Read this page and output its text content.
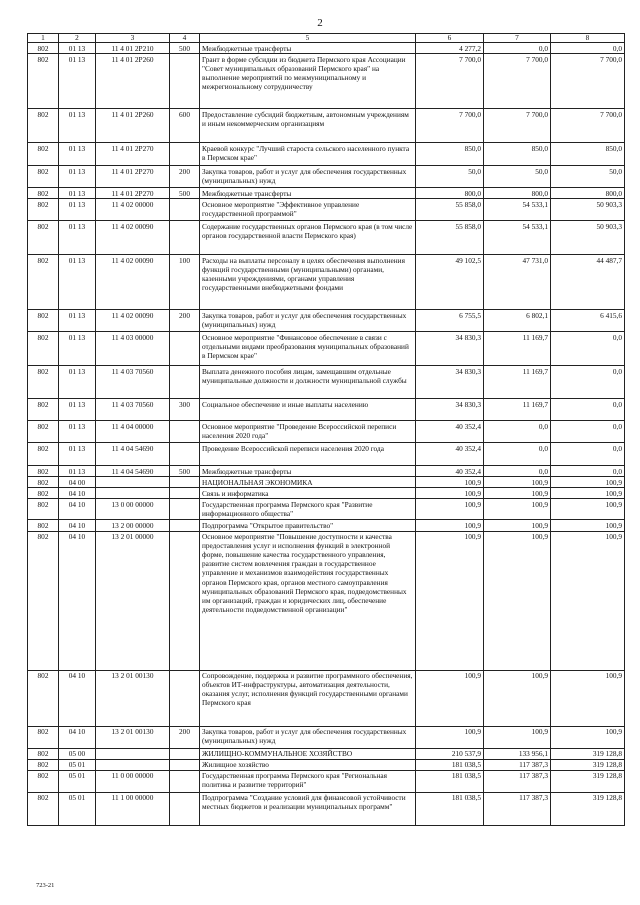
2
1	2	3	4	5	6	7	8
802	01 13	11 4 01 2P210	500	Межбюджетные трансферты	4 277,2	0,0	0,0
802	01 13	11 4 01 2P260		Грант в форме субсидии из бюджета Пермского края Ассоциации "Совет муниципальных образований Пермского края" на выполнение мероприятий по межмуниципальному и межрегиональному сотрудничеству	7 700,0	7 700,0	7 700,0
802	01 13	11 4 01 2P260	600	Предоставление субсидий бюджетным, автономным учреждениям и иным некоммерческим организациям	7 700,0	7 700,0	7 700,0
802	01 13	11 4 01 2P270		Краевой конкурс "Лучший староста сельского населенного пункта в Пермском крае"	850,0	850,0	850,0
802	01 13	11 4 01 2P270	200	Закупка товаров, работ и услуг для обеспечения государственных (муниципальных) нужд	50,0	50,0	50,0
802	01 13	11 4 01 2P270	500	Межбюджетные трансферты	800,0	800,0	800,0
802	01 13	11 4 02 00000		Основное мероприятие "Эффективное управление государственной программой"	55 858,0	54 533,1	50 903,3
802	01 13	11 4 02 00090		Содержание государственных органов Пермского края (в том числе органов государственной власти Пермского края)	55 858,0	54 533,1	50 903,3
802	01 13	11 4 02 00090	100	Расходы на выплаты персоналу в целях обеспечения выполнения функций государственными (муниципальными) органами, казенными учреждениями, органами управления государственными внебюджетными фондами	49 102,5	47 731,0	44 487,7
802	01 13	11 4 02 00090	200	Закупка товаров, работ и услуг для обеспечения государственных (муниципальных) нужд	6 755,5	6 802,1	6 415,6
802	01 13	11 4 03 00000		Основное мероприятие "Финансовое обеспечение в связи с отдельными видами преобразования муниципальных образований в Пермском крае"	34 830,3	11 169,7	0,0
802	01 13	11 4 03 70560		Выплата денежного пособия лицам, замещавшим отдельные муниципальные должности и должности муниципальной службы	34 830,3	11 169,7	0,0
802	01 13	11 4 03 70560	300	Социальное обеспечение и иные выплаты населению	34 830,3	11 169,7	0,0
802	01 13	11 4 04 00000		Основное мероприятие "Проведение Всероссийской переписи населения 2020 года"	40 352,4	0,0	0,0
802	01 13	11 4 04 54690		Проведение Всероссийской переписи населения 2020 года	40 352,4	0,0	0,0
802	01 13	11 4 04 54690	500	Межбюджетные трансферты	40 352,4	0,0	0,0
802	04 00			НАЦИОНАЛЬНАЯ ЭКОНОМИКА	100,9	100,9	100,9
802	04 10			Связь и информатика	100,9	100,9	100,9
802	04 10	13 0 00 00000		Государственная программа Пермского края "Развитие информационного общества"	100,9	100,9	100,9
802	04 10	13 2 00 00000		Подпрограмма "Открытое правительство"	100,9	100,9	100,9
802	04 10	13 2 01 00000		Основное мероприятие "Повышение доступности и качества предоставления услуг и исполнения функций в электронной форме, повышение качества государственного управления, развитие систем вовлечения граждан в государственное управление и механизмов взаимодействия государственных органов Пермского края, органов местного самоуправления муниципальных образований Пермского края, подведомственных им организаций, граждан и юридических лиц, обеспечение деятельности подведомственной организации"	100,9	100,9	100,9
802	04 10	13 2 01 00130		Сопровождение, поддержка и развитие программного обеспечения, объектов ИТ-инфраструктуры, автоматизация деятельности, оказания услуг, исполнения функций государственными органами Пермского края	100,9	100,9	100,9
802	04 10	13 2 01 00130	200	Закупка товаров, работ и услуг для обеспечения государственных (муниципальных) нужд	100,9	100,9	100,9
802	05 00			ЖИЛИЩНО-КОММУНАЛЬНОЕ ХОЗЯЙСТВО	210 537,9	133 956,1	319 128,8
802	05 01			Жилищное хозяйство	181 038,5	117 387,3	319 128,8
802	05 01	11 0 00 00000		Государственная программа Пермского края "Региональная политика и развитие территорий"	181 038,5	117 387,3	319 128,8
802	05 01	11 1 00 00000		Подпрограмма "Создание условий для финансовой устойчивости местных бюджетов и реализации муниципальных программ"	181 038,5	117 387,3	319 128,8
723-21
